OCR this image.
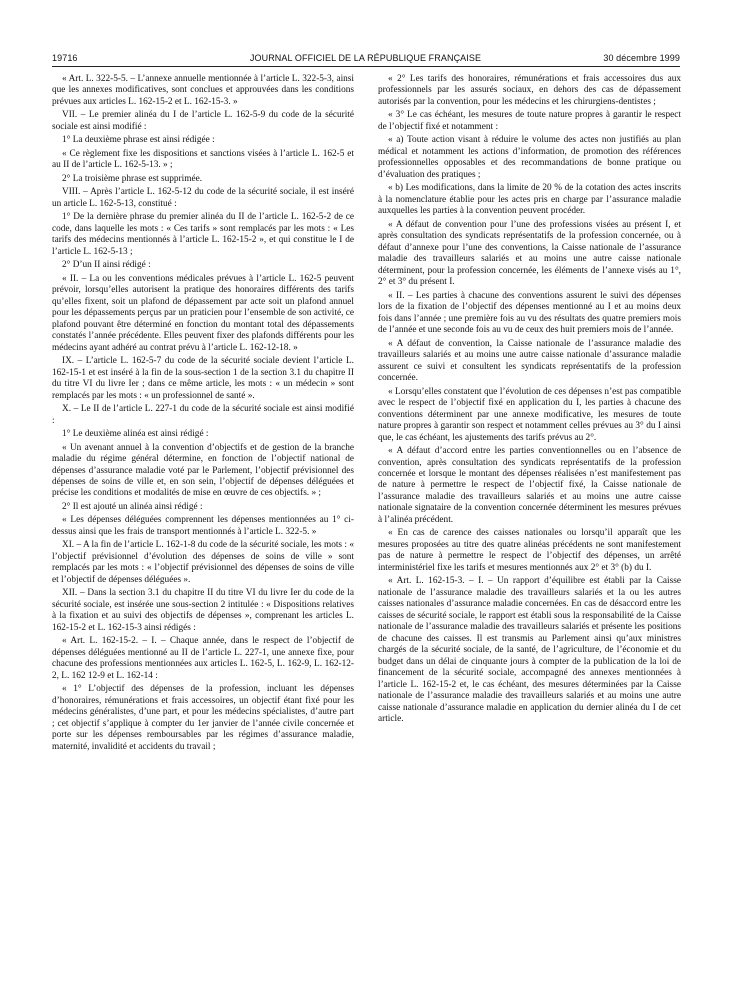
19716	JOURNAL OFFICIEL DE LA RÉPUBLIQUE FRANÇAISE	30 décembre 1999

« Art. L. 322-5-5. – L’annexe annuelle mentionnée à l’article L. 322-5-3, ainsi que les annexes modificatives, sont conclues et approuvées dans les conditions prévues aux articles L. 162-15-2 et L. 162-15-3. »

VII. – Le premier alinéa du I de l’article L. 162-5-9 du code de la sécurité sociale est ainsi modifié :

1° La deuxième phrase est ainsi rédigée :

« Ce règlement fixe les dispositions et sanctions visées à l’article L. 162-5 et au II de l’article L. 162-5-13. » ;

2° La troisième phrase est supprimée.

VIII. – Après l’article L. 162-5-12 du code de la sécurité sociale, il est inséré un article L. 162-5-13, constitué :

1° De la dernière phrase du premier alinéa du II de l’article L. 162-5-2 de ce code, dans laquelle les mots : « Ces tarifs » sont remplacés par les mots : « Les tarifs des médecins mentionnés à l’article L. 162-15-2 », et qui constitue le I de l’article L. 162-5-13 ;

2° D’un II ainsi rédigé :

« II. – La ou les conventions médicales prévues à l’article L. 162-5 peuvent prévoir, lorsqu’elles autorisent la pratique des honoraires différents des tarifs qu’elles fixent, soit un plafond de dépassement par acte soit un plafond annuel pour les dépassements perçus par un praticien pour l’ensemble de son activité, ce plafond pouvant être déterminé en fonction du montant total des dépassements constatés l’année précédente. Elles peuvent fixer des plafonds différents pour les médecins ayant adhéré au contrat prévu à l’article L. 162-12-18. »

IX. – L’article L. 162-5-7 du code de la sécurité sociale devient l’article L. 162-15-1 et est inséré à la fin de la sous-section 1 de la section 3.1 du chapitre II du titre VI du livre Ier ; dans ce même article, les mots : « un médecin » sont remplacés par les mots : « un professionnel de santé ».

X. – Le II de l’article L. 227-1 du code de la sécurité sociale est ainsi modifié :

1° Le deuxième alinéa est ainsi rédigé :

« Un avenant annuel à la convention d’objectifs et de gestion de la branche maladie du régime général détermine, en fonction de l’objectif national de dépenses d’assurance maladie voté par le Parlement, l’objectif prévisionnel des dépenses de soins de ville et, en son sein, l’objectif de dépenses déléguées et précise les conditions et modalités de mise en œuvre de ces objectifs. » ;

2° Il est ajouté un alinéa ainsi rédigé :

« Les dépenses déléguées comprennent les dépenses mentionnées au 1° ci-dessus ainsi que les frais de transport mentionnés à l’article L. 322-5. »

XI. – A la fin de l’article L. 162-1-8 du code de la sécurité sociale, les mots : « l’objectif prévisionnel d’évolution des dépenses de soins de ville » sont remplacés par les mots : « l’objectif prévisionnel des dépenses de soins de ville et l’objectif de dépenses déléguées ».

XII. – Dans la section 3.1 du chapitre II du titre VI du livre Ier du code de la sécurité sociale, est insérée une sous-section 2 intitulée : « Dispositions relatives à la fixation et au suivi des objectifs de dépenses », comprenant les articles L. 162-15-2 et L. 162-15-3 ainsi rédigés :

« Art. L. 162-15-2. – I. – Chaque année, dans le respect de l’objectif de dépenses déléguées mentionné au II de l’article L. 227-1, une annexe fixe, pour chacune des professions mentionnées aux articles L. 162-5, L. 162-9, L. 162-12-2, L. 162 12-9 et L. 162-14 :

« 1° L’objectif des dépenses de la profession, incluant les dépenses d’honoraires, rémunérations et frais accessoires, un objectif étant fixé pour les médecins généralistes, d’une part, et pour les médecins spécialistes, d’autre part ; cet objectif s’applique à compter du 1er janvier de l’année civile concernée et porte sur les dépenses remboursables par les régimes d’assurance maladie, maternité, invalidité et accidents du travail ;

« 2° Les tarifs des honoraires, rémunérations et frais accessoires dus aux professionnels par les assurés sociaux, en dehors des cas de dépassement autorisés par la convention, pour les médecins et les chirurgiens-dentistes ;

« 3° Le cas échéant, les mesures de toute nature propres à garantir le respect de l’objectif fixé et notamment :

« a) Toute action visant à réduire le volume des actes non justifiés au plan médical et notamment les actions d’information, de promotion des références professionnelles opposables et des recommandations de bonne pratique ou d’évaluation des pratiques ;

« b) Les modifications, dans la limite de 20 % de la cotation des actes inscrits à la nomenclature établie pour les actes pris en charge par l’assurance maladie auxquelles les parties à la convention peuvent procéder.

« A défaut de convention pour l’une des professions visées au présent I, et après consultation des syndicats représentatifs de la profession concernée, ou à défaut d’annexe pour l’une des conventions, la Caisse nationale de l’assurance maladie des travailleurs salariés et au moins une autre caisse nationale déterminent, pour la profession concernée, les éléments de l’annexe visés au 1°, 2° et 3° du présent I.

« II. – Les parties à chacune des conventions assurent le suivi des dépenses lors de la fixation de l’objectif des dépenses mentionné au I et au moins deux fois dans l’année ; une première fois au vu des résultats des quatre premiers mois de l’année et une seconde fois au vu de ceux des huit premiers mois de l’année.

« A défaut de convention, la Caisse nationale de l’assurance maladie des travailleurs salariés et au moins une autre caisse nationale d’assurance maladie assurent ce suivi et consultent les syndicats représentatifs de la profession concernée.

« Lorsqu’elles constatent que l’évolution de ces dépenses n’est pas compatible avec le respect de l’objectif fixé en application du I, les parties à chacune des conventions déterminent par une annexe modificative, les mesures de toute nature propres à garantir son respect et notamment celles prévues au 3° du I ainsi que, le cas échéant, les ajustements des tarifs prévus au 2°.

« A défaut d’accord entre les parties conventionnelles ou en l’absence de convention, après consultation des syndicats représentatifs de la profession concernée et lorsque le montant des dépenses réalisées n’est manifestement pas de nature à permettre le respect de l’objectif fixé, la Caisse nationale de l’assurance maladie des travailleurs salariés et au moins une autre caisse nationale signataire de la convention concernée déterminent les mesures prévues à l’alinéa précédent.

« En cas de carence des caisses nationales ou lorsqu’il apparaît que les mesures proposées au titre des quatre alinéas précédents ne sont manifestement pas de nature à permettre le respect de l’objectif des dépenses, un arrêté interministériel fixe les tarifs et mesures mentionnés aux 2° et 3° (b) du I.

« Art. L. 162-15-3. – I. – Un rapport d’équilibre est établi par la Caisse nationale de l’assurance maladie des travailleurs salariés et la ou les autres caisses nationales d’assurance maladie concernées. En cas de désaccord entre les caisses de sécurité sociale, le rapport est établi sous la responsabilité de la Caisse nationale de l’assurance maladie des travailleurs salariés et présente les positions de chacune des caisses. Il est transmis au Parlement ainsi qu’aux ministres chargés de la sécurité sociale, de la santé, de l’agriculture, de l’économie et du budget dans un délai de cinquante jours à compter de la publication de la loi de financement de la sécurité sociale, accompagné des annexes mentionnées à l’article L. 162-15-2 et, le cas échéant, des mesures déterminées par la Caisse nationale de l’assurance maladie des travailleurs salariés et au moins une autre caisse nationale d’assurance maladie en application du dernier alinéa du I de cet article.
